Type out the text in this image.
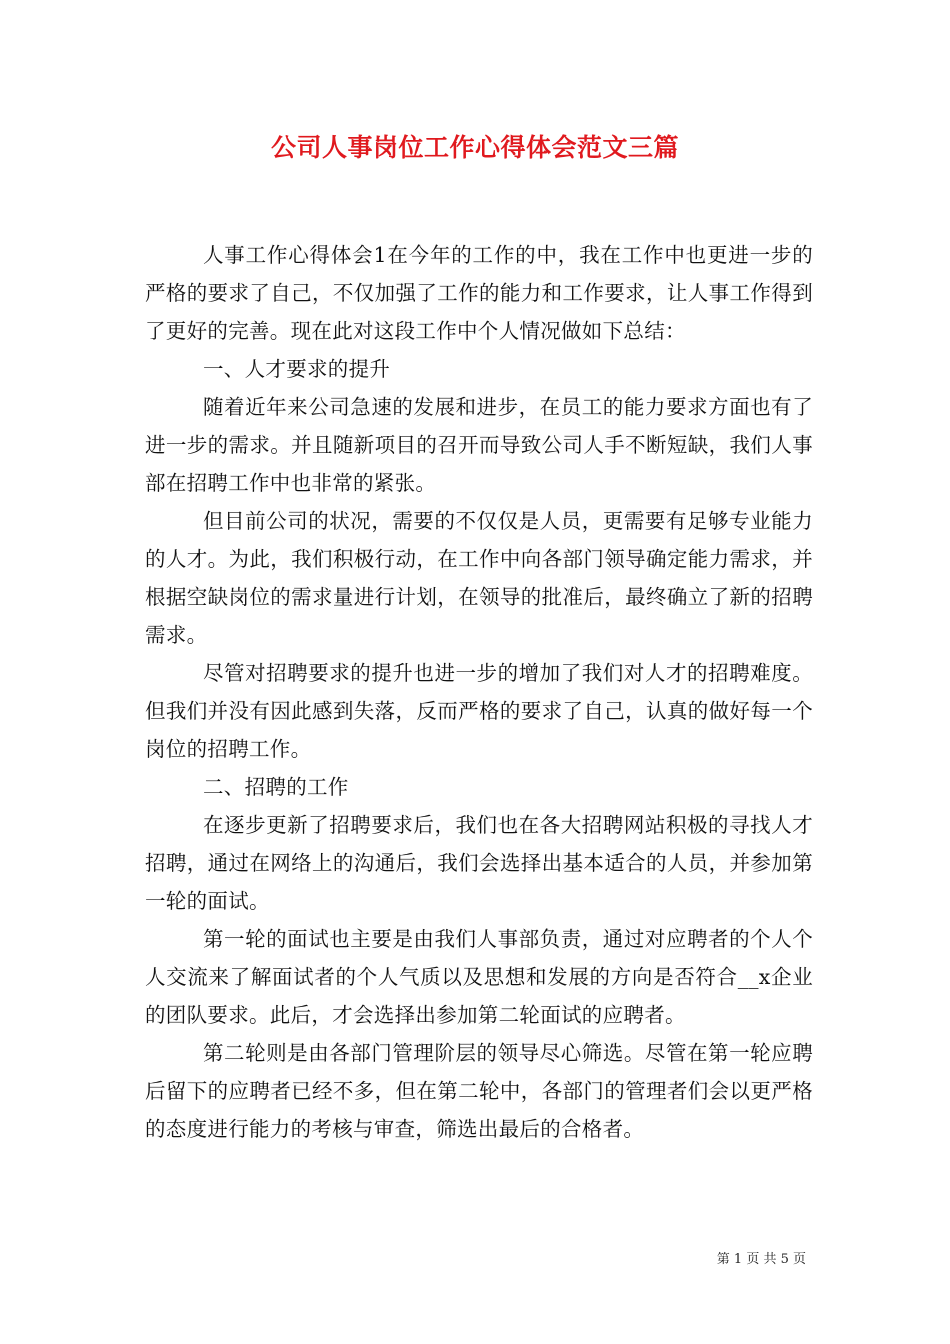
公司人事岗位工作心得体会范文三篇

人事工作心得体会1在今年的工作的中，我在工作中也更进一步的严格的要求了自己，不仅加强了工作的能力和工作要求，让人事工作得到了更好的完善。现在此对这段工作中个人情况做如下总结：

一、人才要求的提升

随着近年来公司急速的发展和进步，在员工的能力要求方面也有了进一步的需求。并且随新项目的召开而导致公司人手不断短缺，我们人事部在招聘工作中也非常的紧张。

但目前公司的状况，需要的不仅仅是人员，更需要有足够专业能力的人才。为此，我们积极行动，在工作中向各部门领导确定能力需求，并根据空缺岗位的需求量进行计划，在领导的批准后，最终确立了新的招聘需求。

尽管对招聘要求的提升也进一步的增加了我们对人才的招聘难度。但我们并没有因此感到失落，反而严格的要求了自己，认真的做好每一个岗位的招聘工作。

二、招聘的工作

在逐步更新了招聘要求后，我们也在各大招聘网站积极的寻找人才招聘，通过在网络上的沟通后，我们会选择出基本适合的人员，并参加第一轮的面试。

第一轮的面试也主要是由我们人事部负责，通过对应聘者的个人个人交流来了解面试者的个人气质以及思想和发展的方向是否符合__x企业的团队要求。此后，才会选择出参加第二轮面试的应聘者。

第二轮则是由各部门管理阶层的领导尽心筛选。尽管在第一轮应聘后留下的应聘者已经不多，但在第二轮中，各部门的管理者们会以更严格的态度进行能力的考核与审查，筛选出最后的合格者。

第 1 页 共 5 页
